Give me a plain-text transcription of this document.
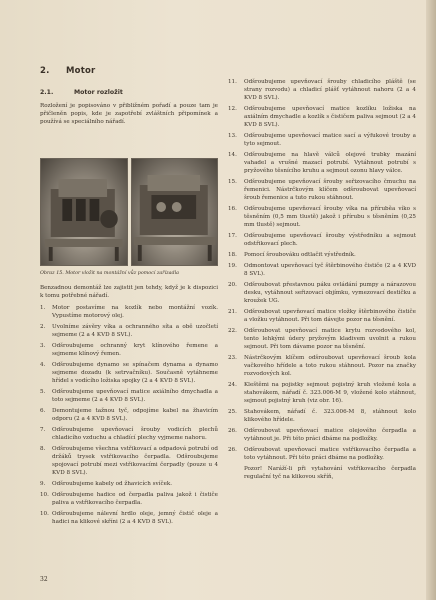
2. Motor
2.1.	Motor rozložit
Rozložení je popisováno v přibližném pořadí a pouze tam je přičleněn popis, kde je zapotřebí zvláštních připomínek a používá se speciálního nářadí.
Obraz 15. Motor vložit na montážní vůz pomocí zařízadla

Benzadnou demontáž lze zajistit jen tehdy, když je k dispozici k tomu potřebné nářadí.

1. Motor postavíme na kozlík nebo montážní vozík. Vypustíme motorový olej.
2. Uvolníme závěry víka a ochranného síta a obě uzočletí sejmeme (2 a 4 KVD 8 SVL).
3. Odšroubujeme ochranný kryt klínového řemene a sejmeme klínový řemen.
4. Odšroubujeme dynamo se spínačem dynama a dynamo sejmeme dozadu (k setrvačníku). Současně vytáhneme hřídel s vodícího ložiska spojky (2 a 4 KVD 8 SVL).
5. Odšroubujeme upevňovací matice axiálního dmychadla a toto sejmeme (2 a 4 KVD 8 SVL).
6. Demontujeme tažnou tyč, odpojíme kabel na žhavicím odporu (2 a 4 KVD 8 SVL).
7. Odšroubujeme upevňovací šrouby vodicích plechů chladicího vzduchu a chladící plechy vyjmeme nahoru.
8. Odšroubujeme všechna vstřikovací a odpadová potrubí od držáků trysek vstřikovacího čerpadla. Odšroubujeme spojovací potrubí mezi vstřikovacími čerpadly (pouze u 4 KVD 8 SVL).
9. Odšroubujeme kabely od žhavicích svíček.
10. Odšroubujeme hadice od čerpadla paliva jakož i čističe paliva a vstřikovacího čerpadla.
10. Odšroubujeme nálevní hrdlo oleje, jemný čistič oleje a hadici na klikové skříni (2 a 4 KVD 8 SVL).
11. Odšroubujeme upevňovací šrouby chladicího pláště (se strany rozvodu) a chladicí plášť vytáhnout nahoru (2 a 4 KVD 8 SVL).
12. Odšroubujeme upevňovací matice kozlíku ložiska na axiálním dmychadle a kozlík s čističem paliva sejmout (2 a 4 KVD 8 SVL).
13. Odšroubujeme upevňovací matice sací a výfukové trouby a tyto sejmout.
14. Odšroubujeme na hlavě válců olejové trubky mazání vahadel a vrušné mazací potrubí. Vytáhnout potrubí s pryžového těsnícího kruhu a sejmout ozonu hlavy válce.
15. Odšroubujeme upevňovací šrouby seřizovacího čmuchu na řemenici. Nástrčkovým klíčem odšroubovat upevňovací šroub řemenice a tuto rukou stáhnout.
16. Odšroubujeme upevňovací šrouby víka na příruběa víko s těsněním (0,5 mm tlustě) jakož i přírubu s těsněním (0,25 mm tlustě) sejmout.
17. Odšroubujeme upevňovací šrouby výstředníku a sejmout odstřikovací plech.
18. Pomocí šroubováku odtlačit výstředník.
19. Odmontovat upevňovací tyč štěrbinového čističe (2 a 4 KVD 8 SVL).
20. Odšroubovat přestavnou páku ovládání pumpy a nárazovou desku, vytáhnout seřizovací objímku, vymezovací destičku a kroužek UG.
21. Odšroubovat upevňovací matice vložky štěrbinového čističe a vložku vytáhnout. Při tom dávejte pozor na těsnění.
22. Odšroubovat upevňovací matice krytu rozvodového kol, tento lehkými údery pryžovým kladivem uvolnit a rukou sejmout. Při tom dávame pozor na těsnění.
23. Nástrčkovým klíčem odšroubovat upevňovací šroub kola vačkového hřídele a toto rukou stáhnout. Pozor na značky rozvodových kol.
24. Kleštěmi na pojistky sejmout pojistný kruh vložené kola a stahovákem, nářadí č. 323.006-M 9, vložené kolo stáhnout, sejmout pojistný kruh (viz obr. 16).
25. Stahovákem, nářadí č. 323.006-M 8, stáhnout kolo klikového hřídele.
26. Odšroubovat upevňovací matice olejového čerpadla a vytáhnout je. Při této práci dbáme na podložky.
26. Odšroubovat upevňovací matice vstřikovacího čerpadla a toto vytáhnout. Při této práci dbáme na podložky.
Pozor! Naráží-li při vytahování vstřikovacího čerpadla regulační tyč na klikovou skříň,
32
